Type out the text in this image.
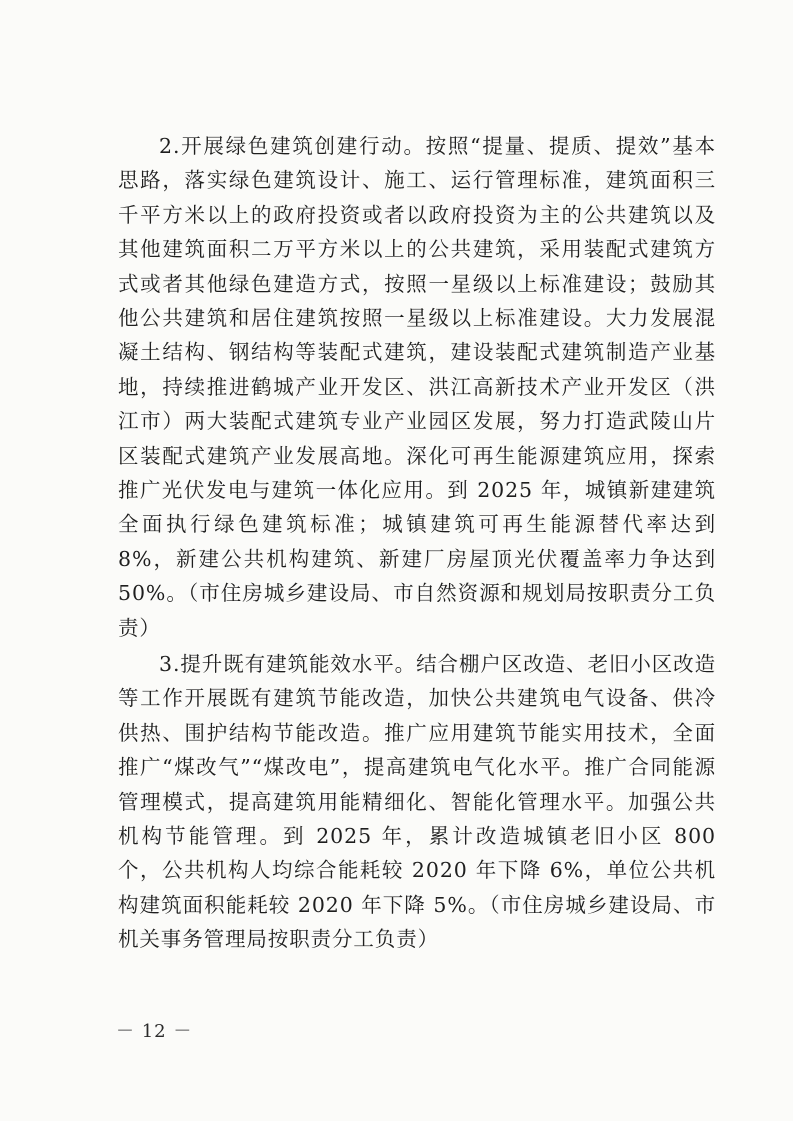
2.开展绿色建筑创建行动。按照“提量、提质、提效”基本思路，落实绿色建筑设计、施工、运行管理标准，建筑面积三千平方米以上的政府投资或者以政府投资为主的公共建筑以及其他建筑面积二万平方米以上的公共建筑，采用装配式建筑方式或者其他绿色建造方式，按照一星级以上标准建设；鼓励其他公共建筑和居住建筑按照一星级以上标准建设。大力发展混凝土结构、钢结构等装配式建筑，建设装配式建筑制造产业基地，持续推进鹤城产业开发区、洪江高新技术产业开发区（洪江市）两大装配式建筑专业产业园区发展，努力打造武陵山片区装配式建筑产业发展高地。深化可再生能源建筑应用，探索推广光伏发电与建筑一体化应用。到 2025 年，城镇新建建筑全面执行绿色建筑标准；城镇建筑可再生能源替代率达到 8%，新建公共机构建筑、新建厂房屋顶光伏覆盖率力争达到 50%。（市住房城乡建设局、市自然资源和规划局按职责分工负责）

3.提升既有建筑能效水平。结合棚户区改造、老旧小区改造等工作开展既有建筑节能改造，加快公共建筑电气设备、供冷供热、围护结构节能改造。推广应用建筑节能实用技术，全面推广“煤改气”“煤改电”，提高建筑电气化水平。推广合同能源管理模式，提高建筑用能精细化、智能化管理水平。加强公共机构节能管理。到 2025 年，累计改造城镇老旧小区 800 个，公共机构人均综合能耗较 2020 年下降 6%，单位公共机构建筑面积能耗较 2020 年下降 5%。（市住房城乡建设局、市机关事务管理局按职责分工负责）

－ 12 －
